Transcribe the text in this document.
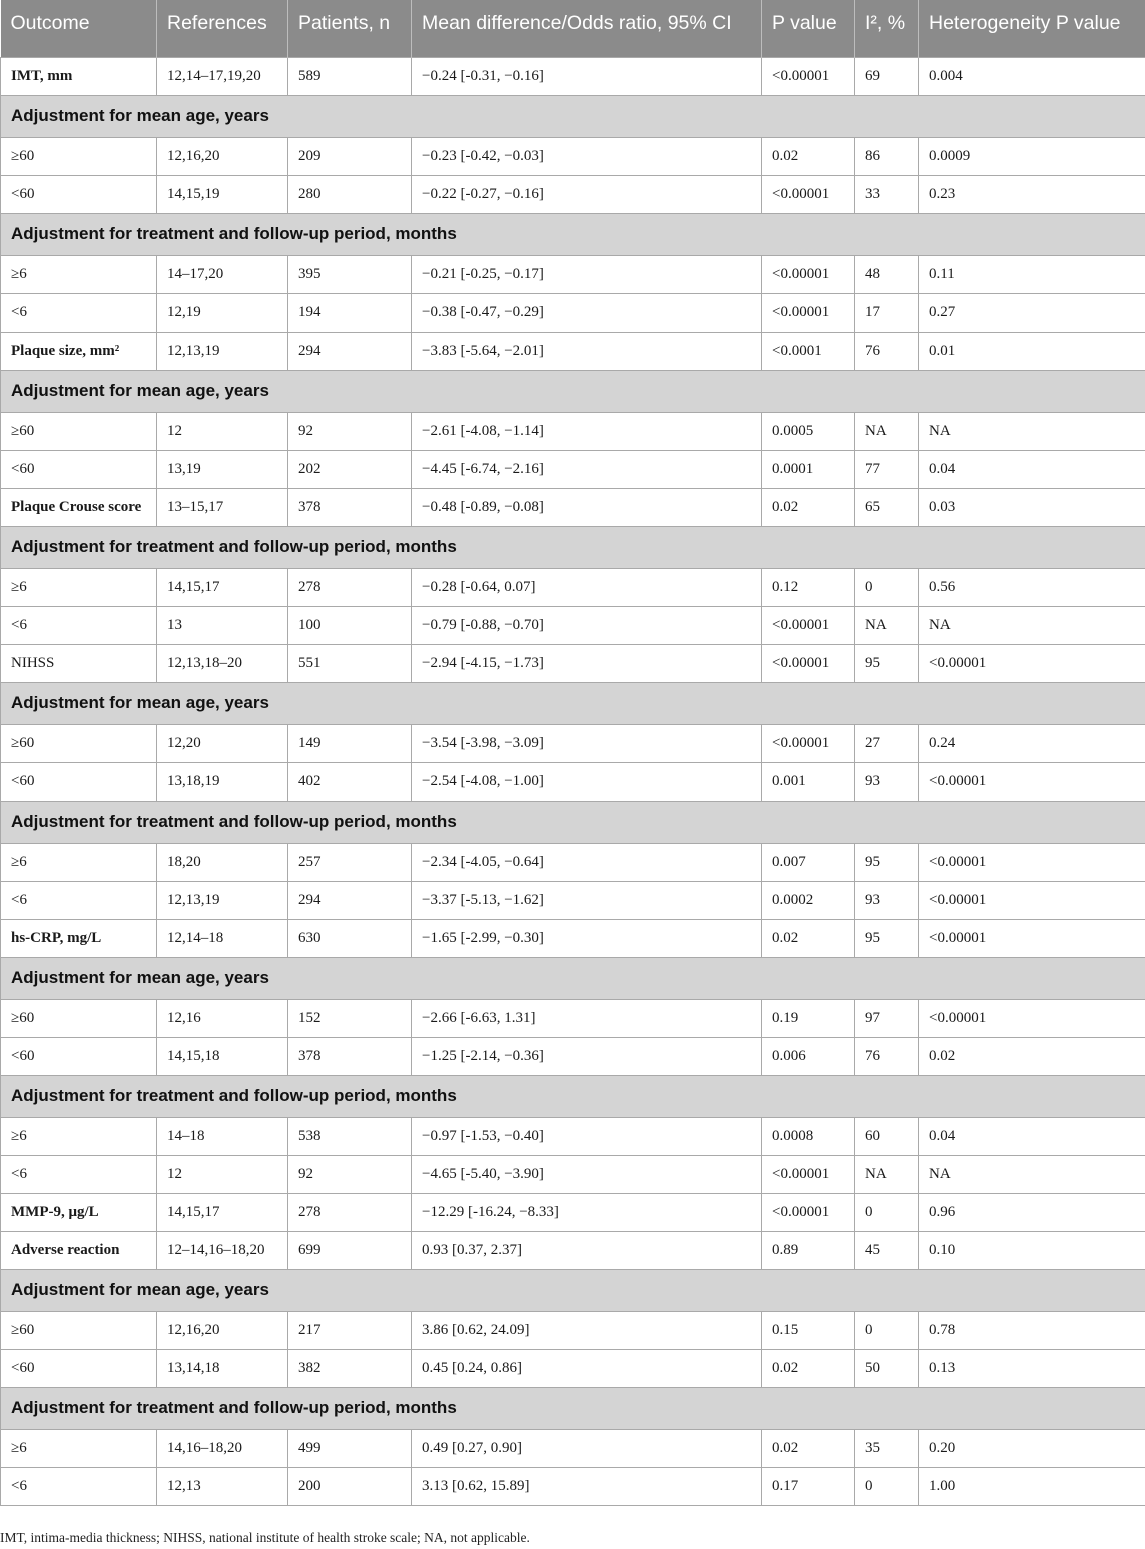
Outcome	References	Patients, n	Mean difference/Odds ratio, 95% CI	P value	I², %	Heterogeneity P value
IMT, mm	12,14–17,19,20	589	−0.24 [-0.31, −0.16]	<0.00001	69	0.004
Adjustment for mean age, years						
≥60	12,16,20	209	−0.23 [-0.42, −0.03]	0.02	86	0.0009
<60	14,15,19	280	−0.22 [-0.27, −0.16]	<0.00001	33	0.23
Adjustment for treatment and follow-up period, months						
≥6	14–17,20	395	−0.21 [-0.25, −0.17]	<0.00001	48	0.11
<6	12,19	194	−0.38 [-0.47, −0.29]	<0.00001	17	0.27
Plaque size, mm²	12,13,19	294	−3.83 [-5.64, −2.01]	<0.0001	76	0.01
Adjustment for mean age, years						
≥60	12	92	−2.61 [-4.08, −1.14]	0.0005	NA	NA
<60	13,19	202	−4.45 [-6.74, −2.16]	0.0001	77	0.04
Plaque Crouse score	13–15,17	378	−0.48 [-0.89, −0.08]	0.02	65	0.03
Adjustment for treatment and follow-up period, months						
≥6	14,15,17	278	−0.28 [-0.64, 0.07]	0.12	0	0.56
<6	13	100	−0.79 [-0.88, −0.70]	<0.00001	NA	NA
NIHSS	12,13,18–20	551	−2.94 [-4.15, −1.73]	<0.00001	95	<0.00001
Adjustment for mean age, years						
≥60	12,20	149	−3.54 [-3.98, −3.09]	<0.00001	27	0.24
<60	13,18,19	402	−2.54 [-4.08, −1.00]	0.001	93	<0.00001
Adjustment for treatment and follow-up period, months						
≥6	18,20	257	−2.34 [-4.05, −0.64]	0.007	95	<0.00001
<6	12,13,19	294	−3.37 [-5.13, −1.62]	0.0002	93	<0.00001
hs-CRP, mg/L	12,14–18	630	−1.65 [-2.99, −0.30]	0.02	95	<0.00001
Adjustment for mean age, years						
≥60	12,16	152	−2.66 [-6.63, 1.31]	0.19	97	<0.00001
<60	14,15,18	378	−1.25 [-2.14, −0.36]	0.006	76	0.02
Adjustment for treatment and follow-up period, months						
≥6	14–18	538	−0.97 [-1.53, −0.40]	0.0008	60	0.04
<6	12	92	−4.65 [-5.40, −3.90]	<0.00001	NA	NA
MMP-9, μg/L	14,15,17	278	−12.29 [-16.24, −8.33]	<0.00001	0	0.96
Adverse reaction	12–14,16–18,20	699	0.93 [0.37, 2.37]	0.89	45	0.10
Adjustment for mean age, years						
≥60	12,16,20	217	3.86 [0.62, 24.09]	0.15	0	0.78
<60	13,14,18	382	0.45 [0.24, 0.86]	0.02	50	0.13
Adjustment for treatment and follow-up period, months						
≥6	14,16–18,20	499	0.49 [0.27, 0.90]	0.02	35	0.20
<6	12,13	200	3.13 [0.62, 15.89]	0.17	0	1.00
IMT, intima-media thickness; NIHSS, national institute of health stroke scale; NA, not applicable.
